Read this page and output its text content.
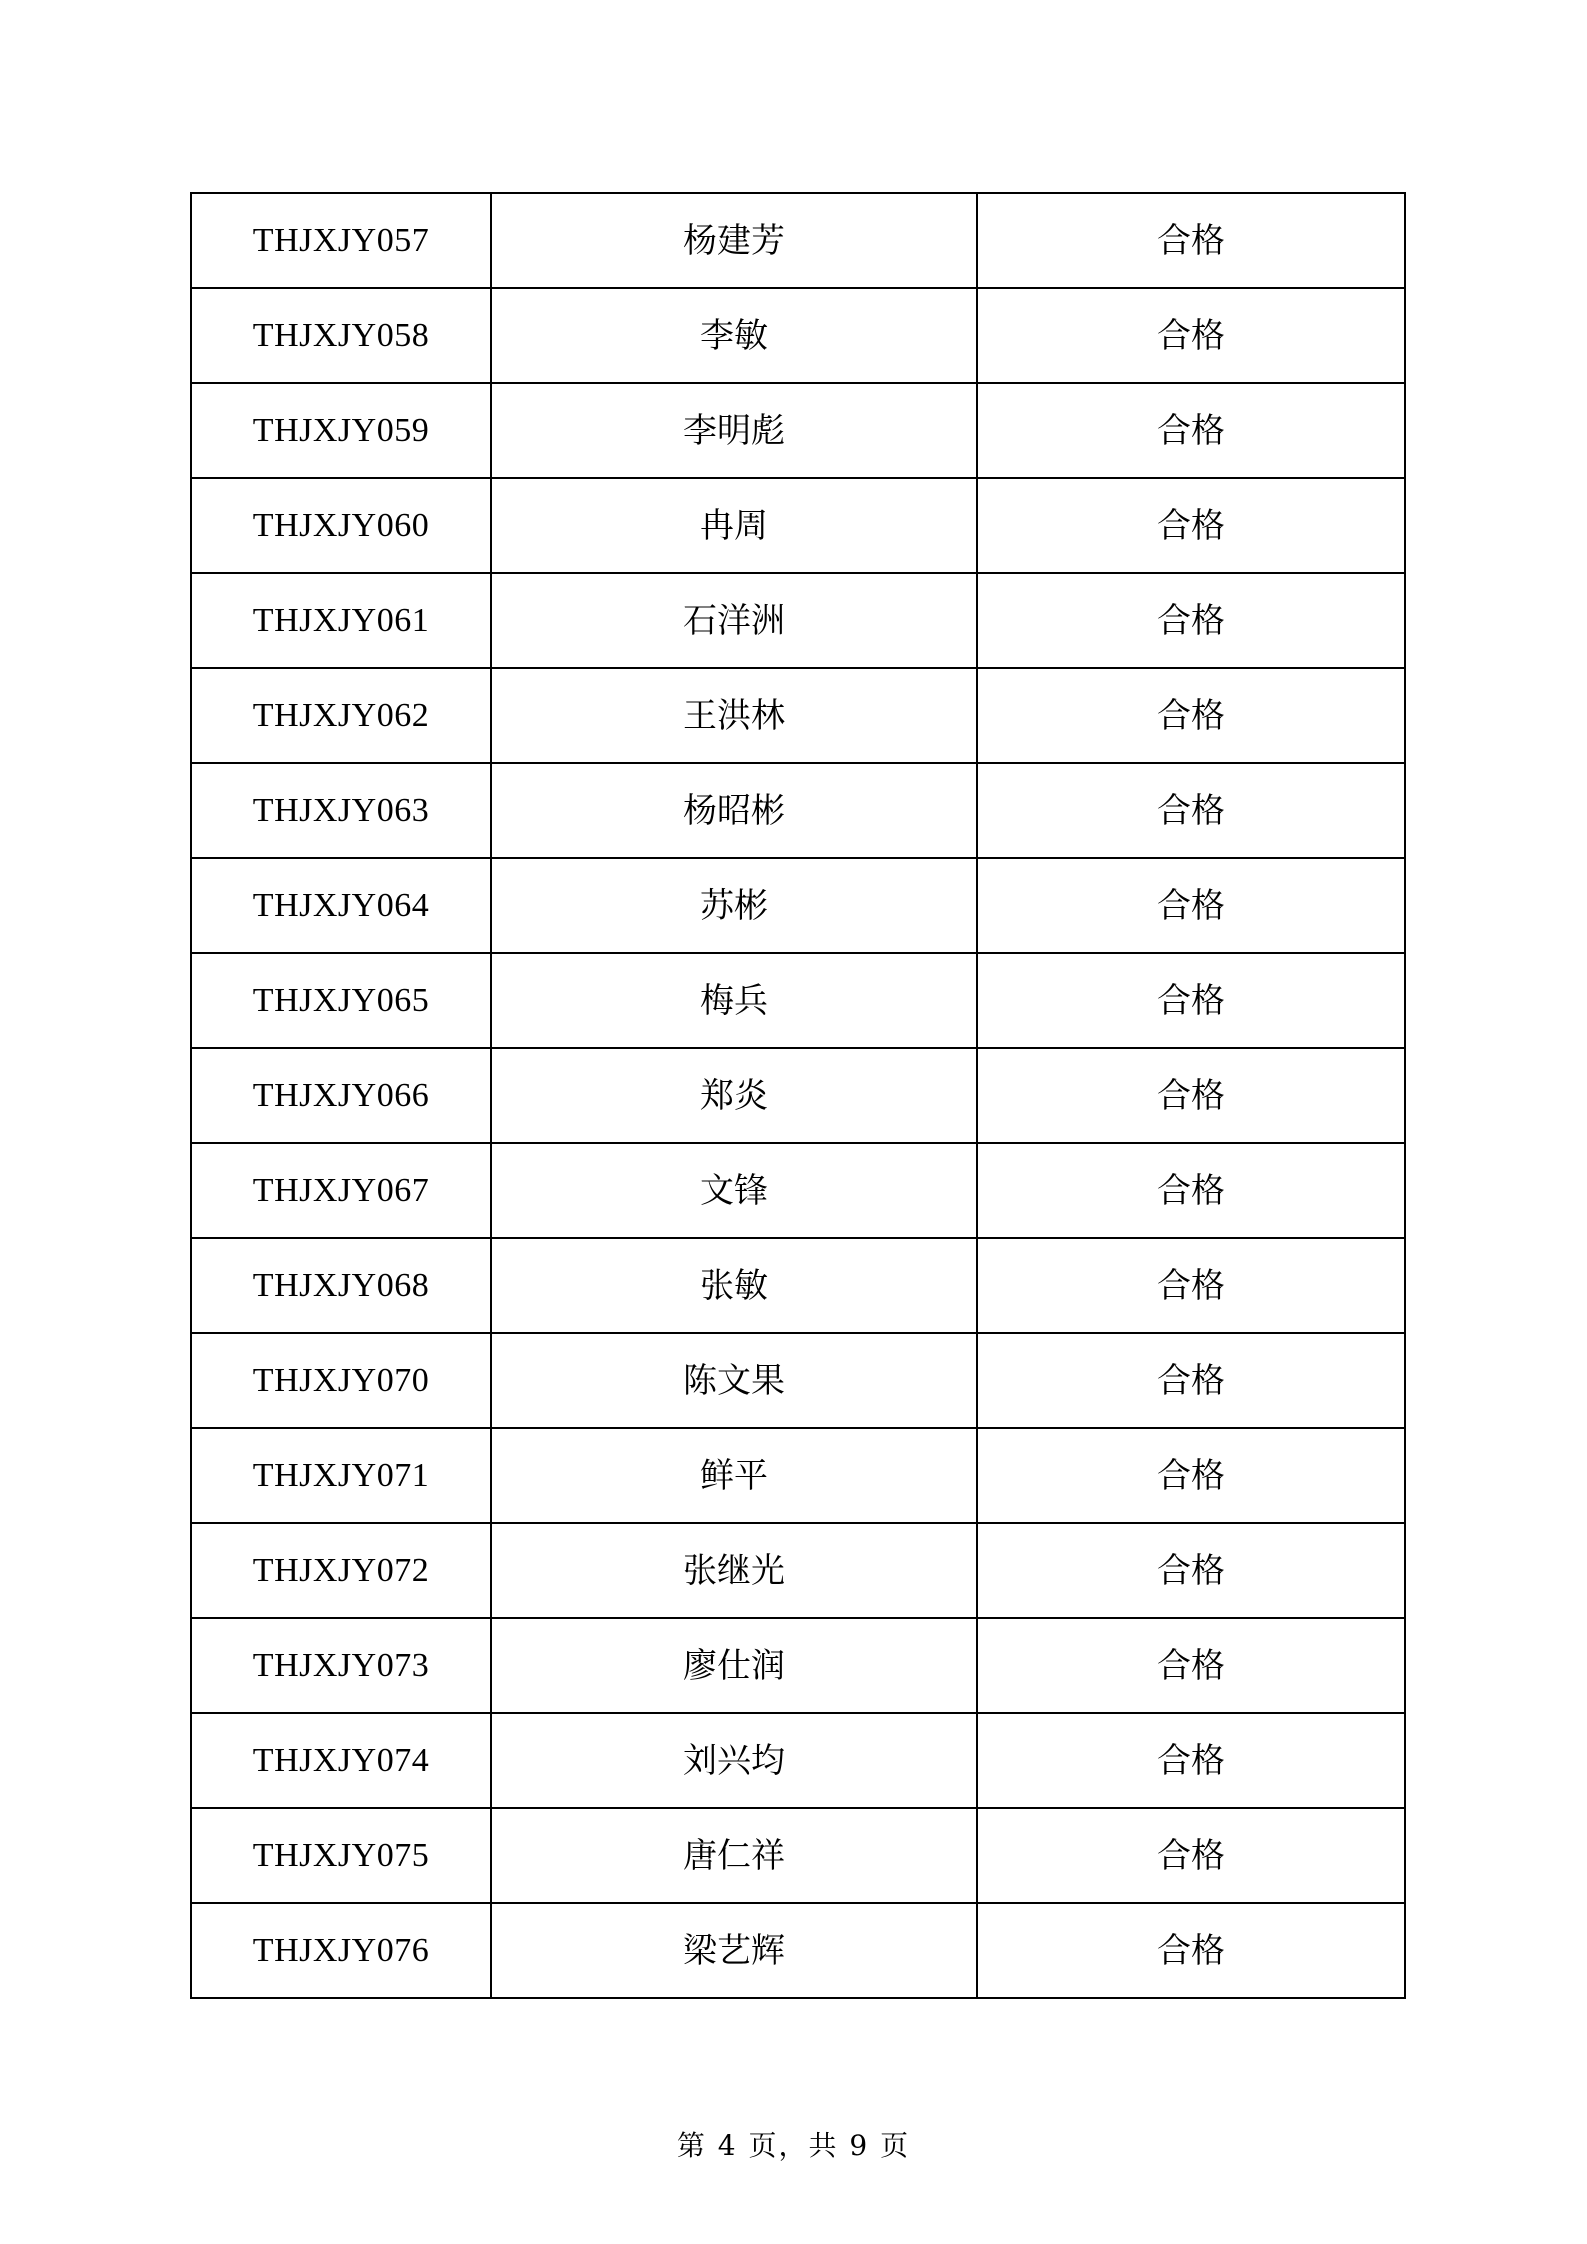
THJXJY057	杨建芳	合格
THJXJY058	李敏	合格
THJXJY059	李明彪	合格
THJXJY060	冉周	合格
THJXJY061	石洋洲	合格
THJXJY062	王洪林	合格
THJXJY063	杨昭彬	合格
THJXJY064	苏彬	合格
THJXJY065	梅兵	合格
THJXJY066	郑炎	合格
THJXJY067	文锋	合格
THJXJY068	张敏	合格
THJXJY070	陈文果	合格
THJXJY071	鲜平	合格
THJXJY072	张继光	合格
THJXJY073	廖仕润	合格
THJXJY074	刘兴均	合格
THJXJY075	唐仁祥	合格
THJXJY076	梁艺辉	合格
第 4 页，共 9 页
